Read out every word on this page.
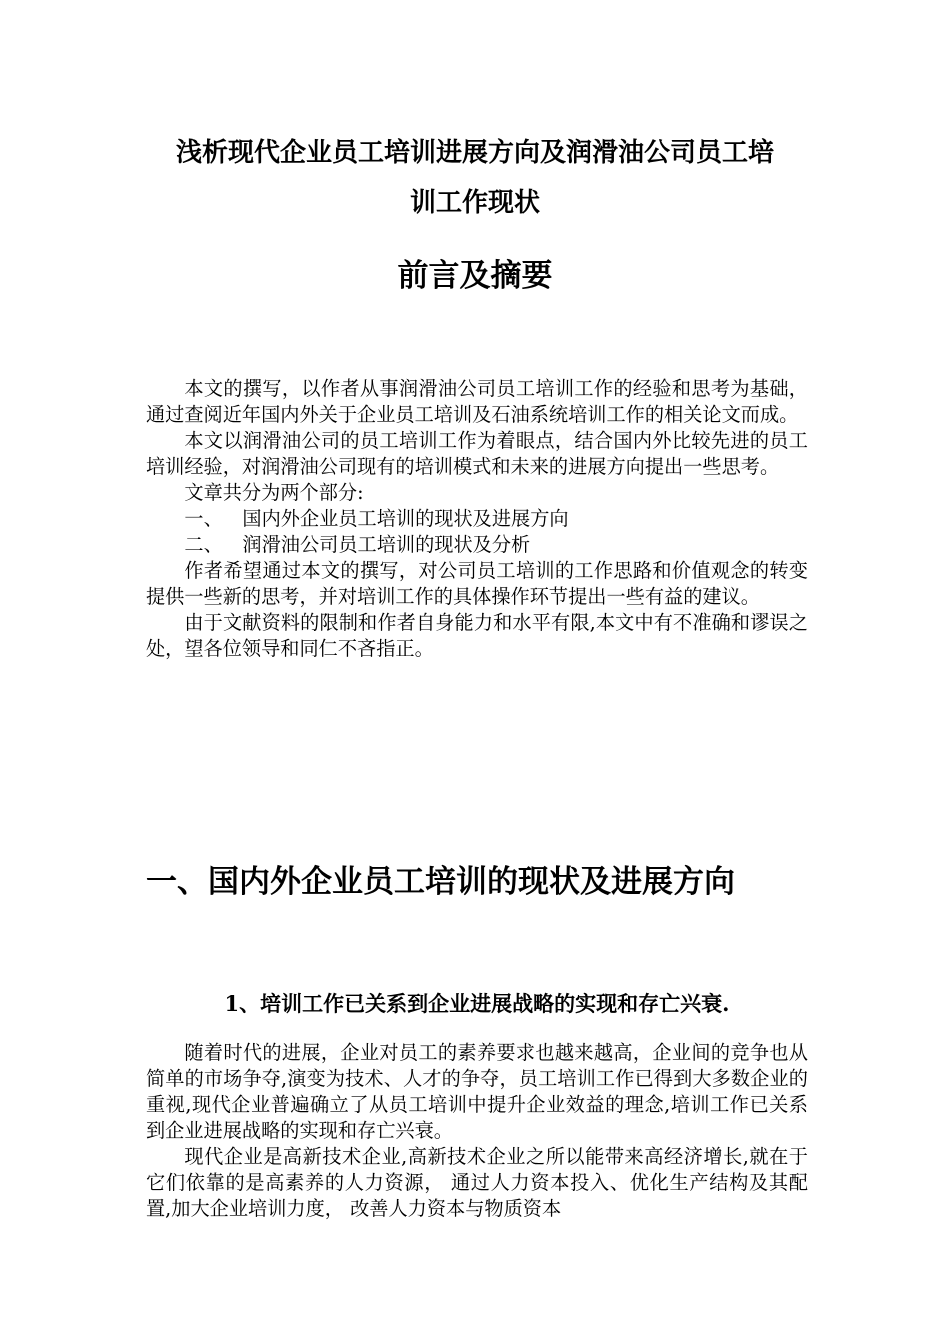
浅析现代企业员工培训进展方向及润滑油公司员工培
训工作现状
前言及摘要

本文的撰写，以作者从事润滑油公司员工培训工作的经验和思考为基础，通过查阅近年国内外关于企业员工培训及石油系统培训工作的相关论文而成。

本文以润滑油公司的员工培训工作为着眼点，结合国内外比较先进的员工培训经验，对润滑油公司现有的培训模式和未来的进展方向提出一些思考。

文章共分为两个部分:

一、 国内外企业员工培训的现状及进展方向

二、 润滑油公司员工培训的现状及分析

作者希望通过本文的撰写，对公司员工培训的工作思路和价值观念的转变提供一些新的思考，并对培训工作的具体操作环节提出一些有益的建议。

由于文献资料的限制和作者自身能力和水平有限,本文中有不准确和谬误之处，望各位领导和同仁不吝指正。

一、国内外企业员工培训的现状及进展方向
1、培训工作已关系到企业进展战略的实现和存亡兴衰.

随着时代的进展，企业对员工的素养要求也越来越高，企业间的竞争也从简单的市场争夺,演变为技术、人才的争夺，员工培训工作已得到大多数企业的重视,现代企业普遍确立了从员工培训中提升企业效益的理念,培训工作已关系到企业进展战略的实现和存亡兴衰。

现代企业是高新技术企业,高新技术企业之所以能带来高经济增长,就在于它们依靠的是高素养的人力资源， 通过人力资本投入、优化生产结构及其配置,加大企业培训力度， 改善人力资本与物质资本
